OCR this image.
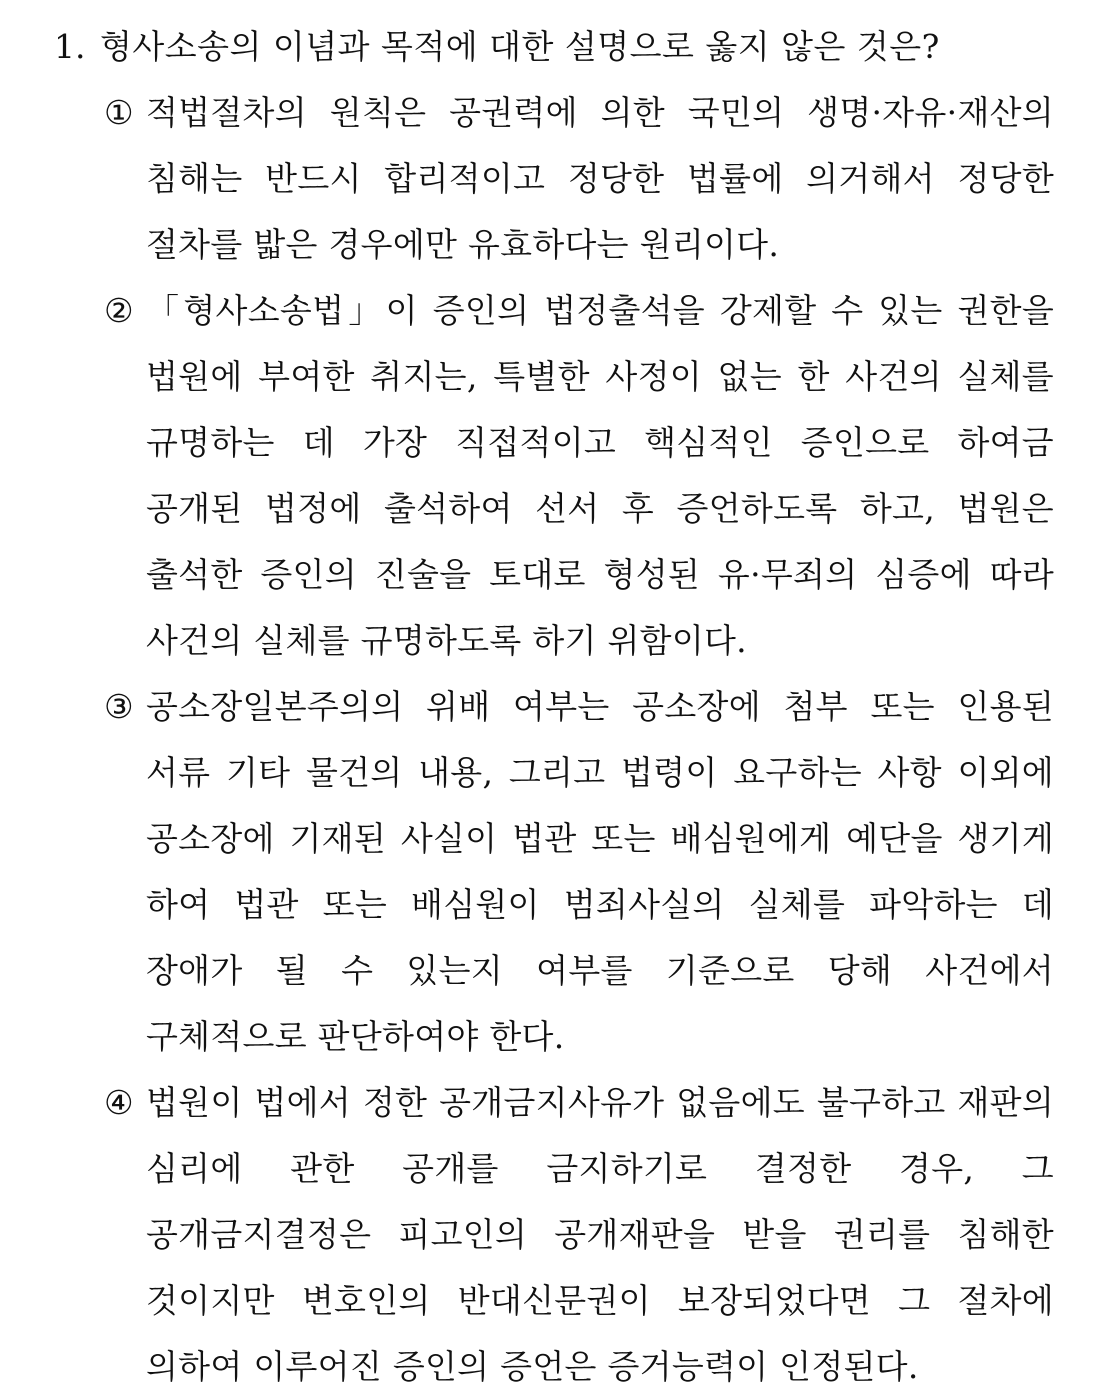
1. 형사소송의 이념과 목적에 대한 설명으로 옳지 않은 것은?
① 적법절차의 원칙은 공권력에 의한 국민의 생명·자유·재산의 침해는 반드시 합리적이고 정당한 법률에 의거해서 정당한 절차를 밟은 경우에만 유효하다는 원리이다.
② 「형사소송법」이 증인의 법정출석을 강제할 수 있는 권한을 법원에 부여한 취지는, 특별한 사정이 없는 한 사건의 실체를 규명하는 데 가장 직접적이고 핵심적인 증인으로 하여금 공개된 법정에 출석하여 선서 후 증언하도록 하고, 법원은 출석한 증인의 진술을 토대로 형성된 유·무죄의 심증에 따라 사건의 실체를 규명하도록 하기 위함이다.
③ 공소장일본주의의 위배 여부는 공소장에 첨부 또는 인용된 서류 기타 물건의 내용, 그리고 법령이 요구하는 사항 이외에 공소장에 기재된 사실이 법관 또는 배심원에게 예단을 생기게 하여 법관 또는 배심원이 범죄사실의 실체를 파악하는 데 장애가 될 수 있는지 여부를 기준으로 당해 사건에서 구체적으로 판단하여야 한다.
④ 법원이 법에서 정한 공개금지사유가 없음에도 불구하고 재판의 심리에 관한 공개를 금지하기로 결정한 경우, 그 공개금지결정은 피고인의 공개재판을 받을 권리를 침해한 것이지만 변호인의 반대신문권이 보장되었다면 그 절차에 의하여 이루어진 증인의 증언은 증거능력이 인정된다.
